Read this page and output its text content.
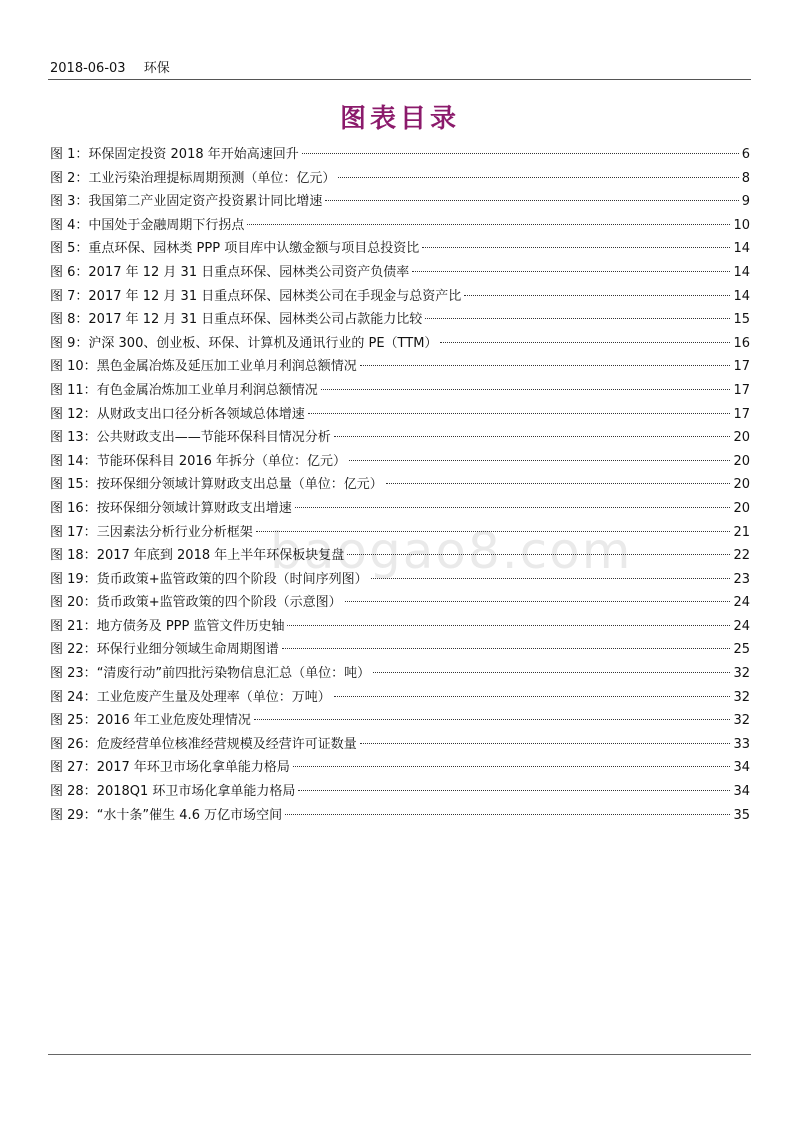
2018-06-03 环保
图表目录
baogao8.com
图 1： 环保固定投资 2018 年开始高速回升	6
图 2： 工业污染治理提标周期预测（单位：亿元）	8
图 3： 我国第二产业固定资产投资累计同比增速	9
图 4： 中国处于金融周期下行拐点	10
图 5： 重点环保、园林类 PPP 项目库中认缴金额与项目总投资比	14
图 6： 2017 年 12 月 31 日重点环保、园林类公司资产负债率	14
图 7： 2017 年 12 月 31 日重点环保、园林类公司在手现金与总资产比	14
图 8： 2017 年 12 月 31 日重点环保、园林类公司占款能力比较	15
图 9： 沪深 300、创业板、环保、计算机及通讯行业的 PE（TTM）	16
图 10： 黑色金属冶炼及延压加工业单月利润总额情况	17
图 11： 有色金属冶炼加工业单月利润总额情况	17
图 12： 从财政支出口径分析各领域总体增速	17
图 13： 公共财政支出——节能环保科目情况分析	20
图 14： 节能环保科目 2016 年拆分（单位：亿元）	20
图 15： 按环保细分领域计算财政支出总量（单位：亿元）	20
图 16： 按环保细分领域计算财政支出增速	20
图 17： 三因素法分析行业分析框架	21
图 18： 2017 年底到 2018 年上半年环保板块复盘	22
图 19： 货币政策+监管政策的四个阶段（时间序列图）	23
图 20： 货币政策+监管政策的四个阶段（示意图）	24
图 21： 地方债务及 PPP 监管文件历史轴	24
图 22： 环保行业细分领域生命周期图谱	25
图 23： “清废行动”前四批污染物信息汇总（单位：吨）	32
图 24： 工业危废产生量及处理率（单位：万吨）	32
图 25： 2016 年工业危废处理情况	32
图 26： 危废经营单位核准经营规模及经营许可证数量	33
图 27： 2017 年环卫市场化拿单能力格局	34
图 28： 2018Q1 环卫市场化拿单能力格局	34
图 29： “水十条”催生 4.6 万亿市场空间	35
